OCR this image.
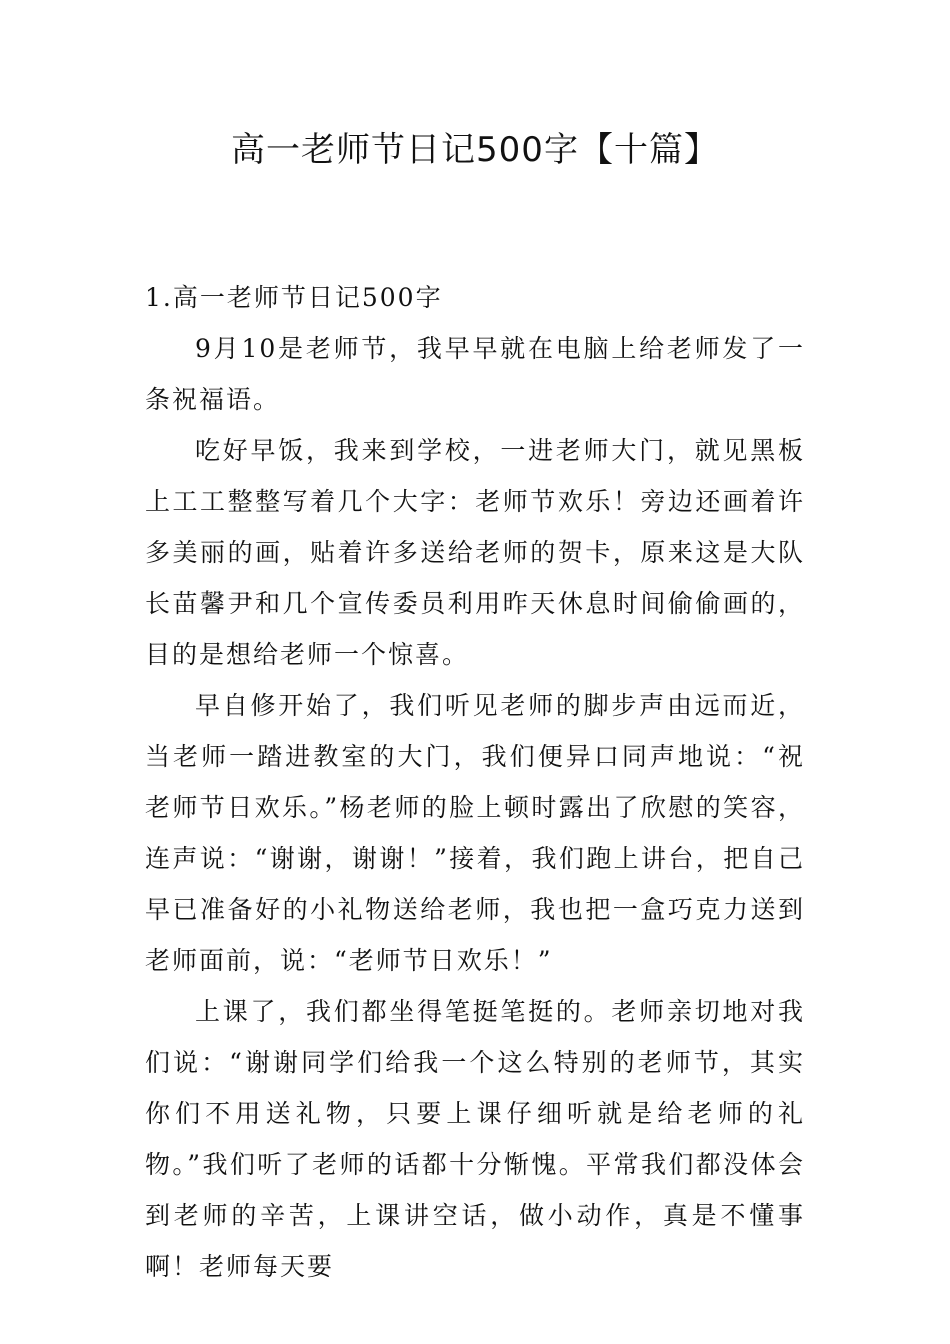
高一老师节日记500字【十篇】
1.高一老师节日记500字

9月10是老师节，我早早就在电脑上给老师发了一条祝福语。

吃好早饭，我来到学校，一进老师大门，就见黑板上工工整整写着几个大字：老师节欢乐！旁边还画着许多美丽的画，贴着许多送给老师的贺卡，原来这是大队长苗馨尹和几个宣传委员利用昨天休息时间偷偷画的，目的是想给老师一个惊喜。

早自修开始了，我们听见老师的脚步声由远而近，当老师一踏进教室的大门，我们便异口同声地说：“祝老师节日欢乐。”杨老师的脸上顿时露出了欣慰的笑容，连声说：“谢谢，谢谢！”接着，我们跑上讲台，把自己早已准备好的小礼物送给老师，我也把一盒巧克力送到老师面前，说：“老师节日欢乐！”

上课了，我们都坐得笔挺笔挺的。老师亲切地对我们说：“谢谢同学们给我一个这么特别的老师节，其实你们不用送礼物，只要上课仔细听就是给老师的礼物。”我们听了老师的话都十分惭愧。平常我们都没体会到老师的辛苦，上课讲空话，做小动作，真是不懂事啊！老师每天要
